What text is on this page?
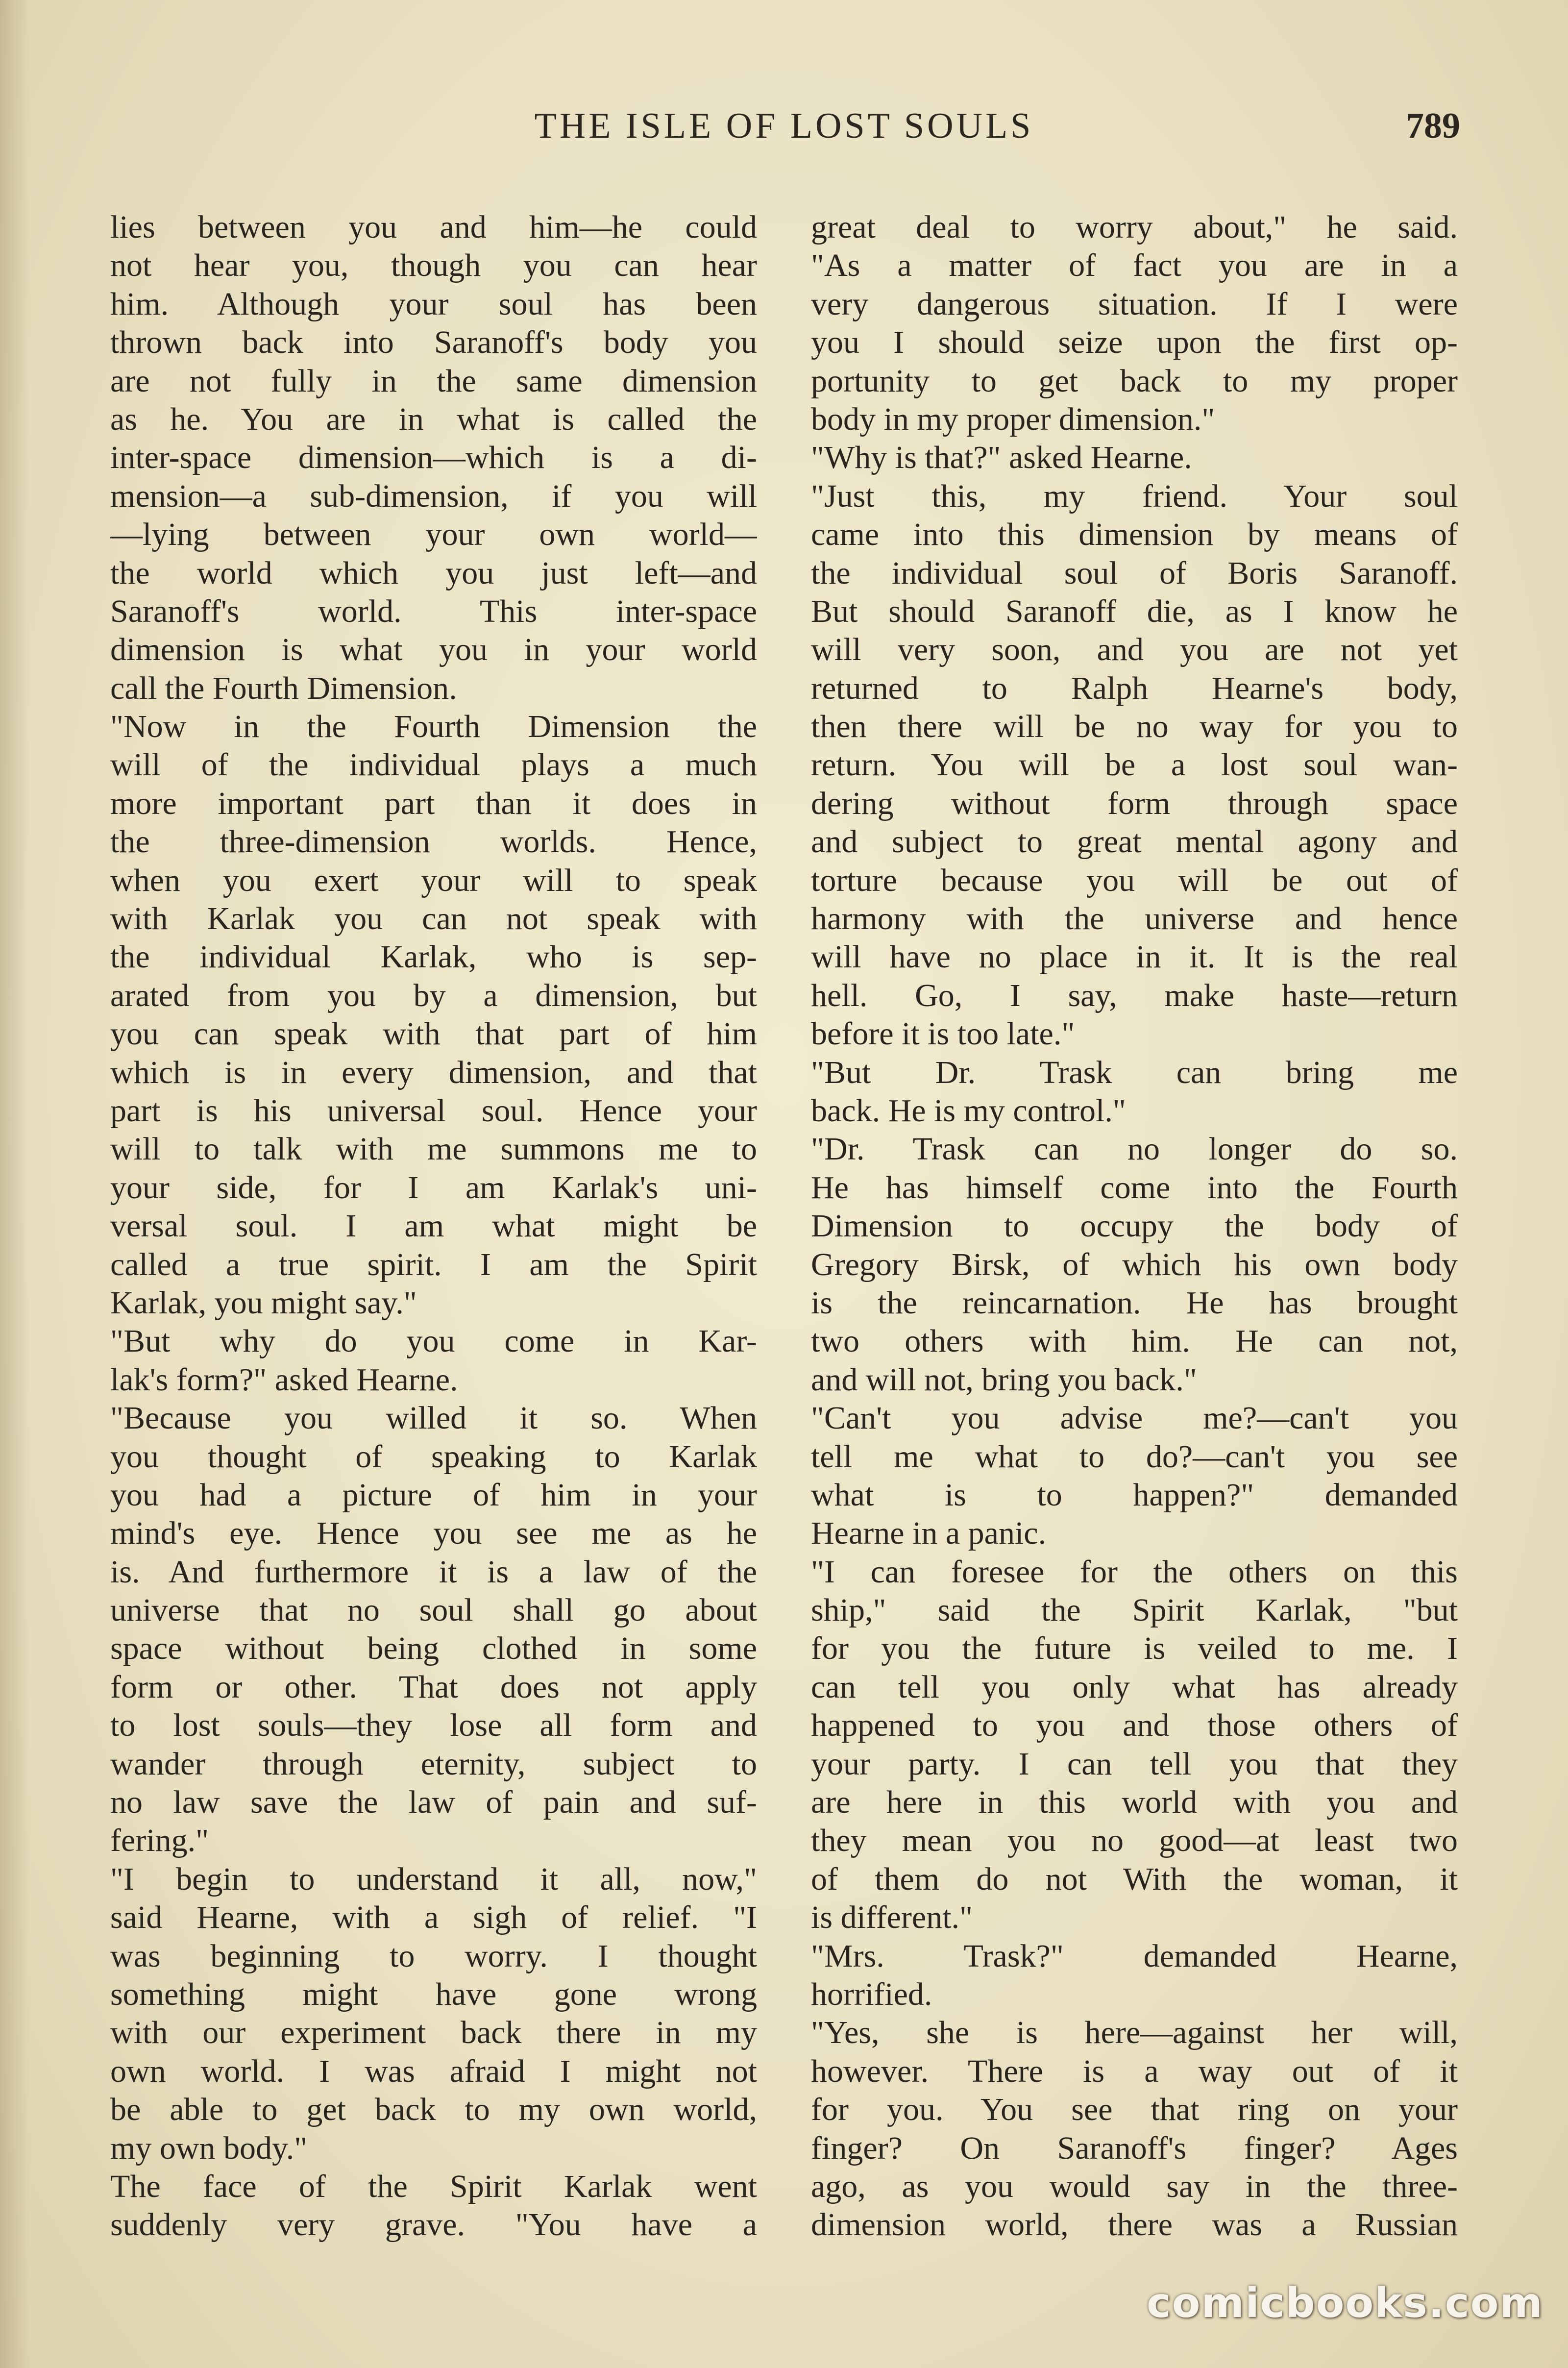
THE ISLE OF LOST SOULS	789
lies between you and him—he could
not hear you, though you can hear
him. Although your soul has been
thrown back into Saranoff's body you
are not fully in the same dimension
as he. You are in what is called the
inter-space dimension—which is a di-
mension—a sub-dimension, if you will
—lying between your own world—
the world which you just left—and
Saranoff's world. This inter-space
dimension is what you in your world
call the Fourth Dimension.
"Now in the Fourth Dimension the
will of the individual plays a much
more important part than it does in
the three-dimension worlds. Hence,
when you exert your will to speak
with Karlak you can not speak with
the individual Karlak, who is sep-
arated from you by a dimension, but
you can speak with that part of him
which is in every dimension, and that
part is his universal soul. Hence your
will to talk with me summons me to
your side, for I am Karlak's uni-
versal soul. I am what might be
called a true spirit. I am the Spirit
Karlak, you might say."
"But why do you come in Kar-
lak's form?" asked Hearne.
"Because you willed it so. When
you thought of speaking to Karlak
you had a picture of him in your
mind's eye. Hence you see me as he
is. And furthermore it is a law of the
universe that no soul shall go about
space without being clothed in some
form or other. That does not apply
to lost souls—they lose all form and
wander through eternity, subject to
no law save the law of pain and suf-
fering."
"I begin to understand it all, now,"
said Hearne, with a sigh of relief. "I
was beginning to worry. I thought
something might have gone wrong
with our experiment back there in my
own world. I was afraid I might not
be able to get back to my own world,
my own body."
The face of the Spirit Karlak went
suddenly very grave. "You have a
great deal to worry about," he said.
"As a matter of fact you are in a
very dangerous situation. If I were
you I should seize upon the first op-
portunity to get back to my proper
body in my proper dimension."
"Why is that?" asked Hearne.
"Just this, my friend. Your soul
came into this dimension by means of
the individual soul of Boris Saranoff.
But should Saranoff die, as I know he
will very soon, and you are not yet
returned to Ralph Hearne's body,
then there will be no way for you to
return. You will be a lost soul wan-
dering without form through space
and subject to great mental agony and
torture because you will be out of
harmony with the universe and hence
will have no place in it. It is the real
hell. Go, I say, make haste—return
before it is too late."
"But Dr. Trask can bring me
back. He is my control."
"Dr. Trask can no longer do so.
He has himself come into the Fourth
Dimension to occupy the body of
Gregory Birsk, of which his own body
is the reincarnation. He has brought
two others with him. He can not,
and will not, bring you back."
"Can't you advise me?—can't you
tell me what to do?—can't you see
what is to happen?" demanded
Hearne in a panic.
"I can foresee for the others on this
ship," said the Spirit Karlak, "but
for you the future is veiled to me. I
can tell you only what has already
happened to you and those others of
your party. I can tell you that they
are here in this world with you and
they mean you no good—at least two
of them do not With the woman, it
is different."
"Mrs. Trask?" demanded Hearne,
horrified.
"Yes, she is here—against her will,
however. There is a way out of it
for you. You see that ring on your
finger? On Saranoff's finger? Ages
ago, as you would say in the three-
dimension world, there was a Russian
comicbooks.com
